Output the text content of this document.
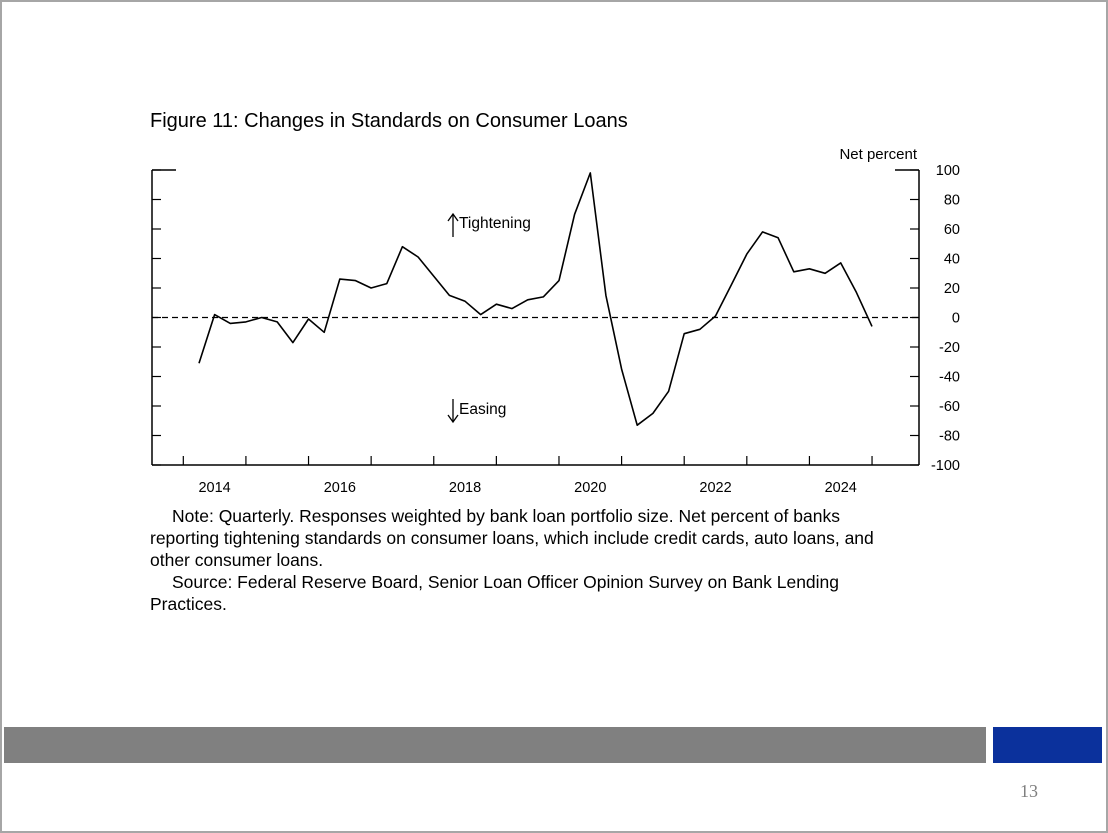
Figure 11: Changes in Standards on Consumer Loans
100
80
60
40
20
0
-20
-40
-60
-80
-100
2014	2016	2018	2020	2022	2024
Net percent
Tightening
Easing

Note: Quarterly. Responses weighted by bank loan portfolio size. Net percent of banks reporting tightening standards on consumer loans, which include credit cards, auto loans, and other consumer loans.

Source: Federal Reserve Board, Senior Loan Officer Opinion Survey on Bank Lending Practices.

13
